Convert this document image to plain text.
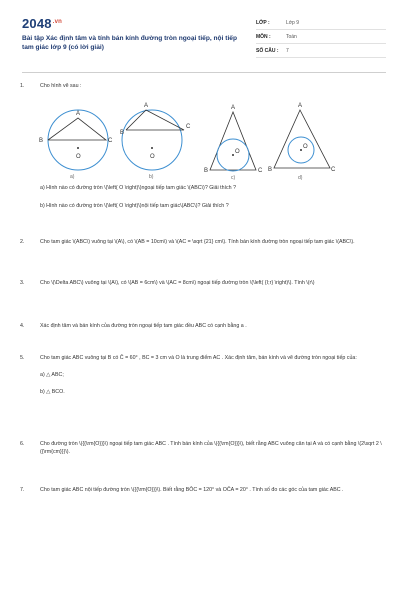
$2048^{.vn}$
Bài tập Xác định tâm và tính bán kính đường tròn ngoại tiếp, nội tiếp tam giác lớp 9 (có lời giải)
LỚP :	Lớp 9
MÔN :	Toán
SỐ CÂU :	7
1.	Cho hình vẽ sau :
A
B	C
O
a)
A
B
C
O
b)
A
B	C
O
c)
A
B	C
O
d)
a) Hình nào có đường tròn \(\left( O \right)\)ngoại tiếp tam giác \(ABC\)? Giải thích ?
b) Hình nào có đường tròn \(\left( O \right)\)nội tiếp tam giác\(ABC\)? Giải thích ?
2.	Cho tam giác \(ABC\) vuông tại \(A\), có \(AB = 10cm\) và \(AC = \sqrt {21} cm\). Tính bán kính đường tròn ngoại tiếp tam giác \(ABC\).
3.	Cho \(\Delta ABC\) vuông tại \(A\), có \(AB = 6cm\) và \(AC = 8cm\) ngoại tiếp đường tròn \(\left( {I;r} \right)\). Tính \(r\)
4.	Xác định tâm và bán kính của đường tròn ngoại tiếp tam giác đều ABC có cạnh bằng a .
5.	Cho tam giác ABC vuông tại B có Ĉ = 60° , BC = 3 cm và O là trung điểm AC . Xác định tâm, bán kính và vẽ đường tròn ngoại tiếp của:
a) △ ABC;
b) △ BCO.
6.	Cho đường tròn \({{\rm{O}}}\) ngoại tiếp tam giác ABC . Tính bán kính của \({{\rm{O}}}\), biết rằng ABC vuông cân tại A và có cạnh bằng \(2\sqrt 2 \({\rm{cm}}}\).
7.	Cho tam giác ABC nội tiếp đường tròn \({{\rm{O}}}\). Biết rằng BÔC = 120° và OĈA = 20° . Tính số đo các góc của tam giác ABC .
